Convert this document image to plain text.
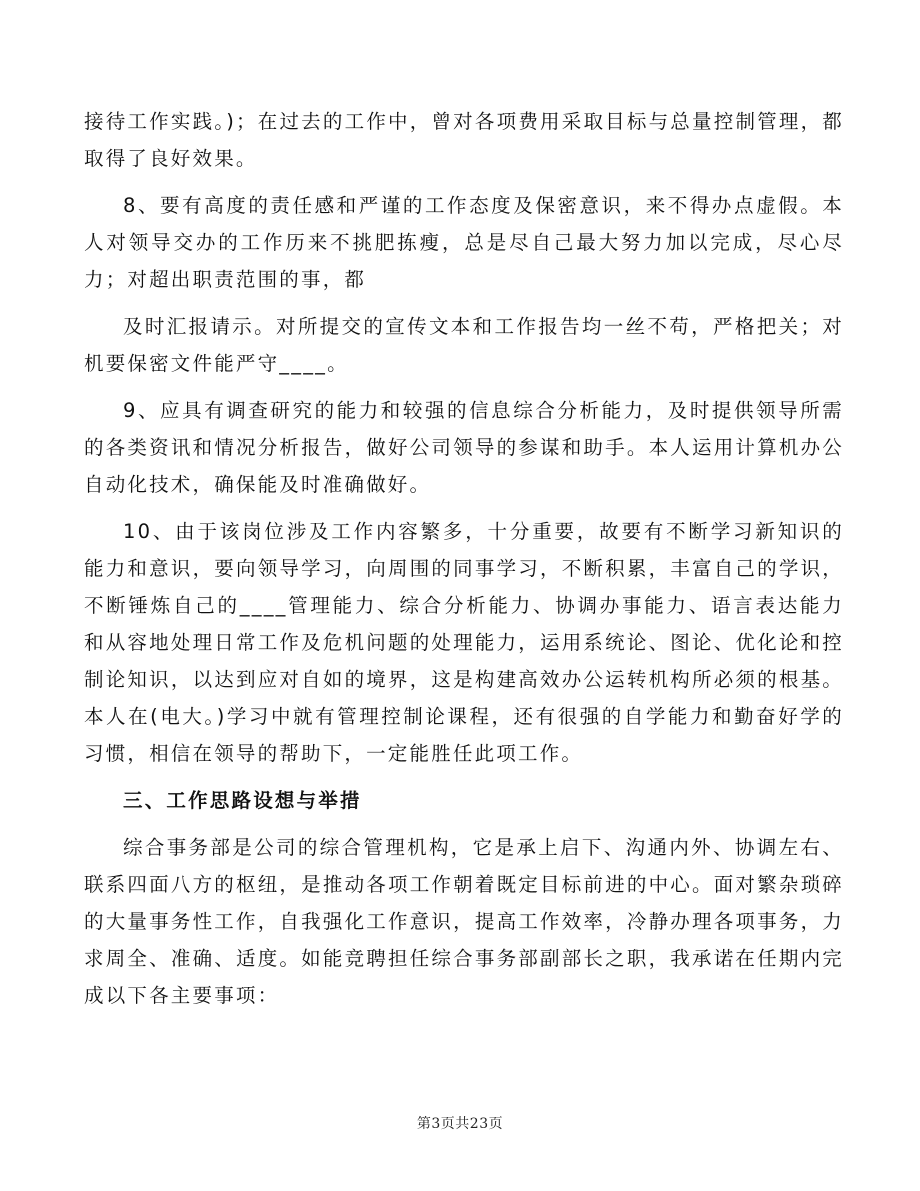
接待工作实践。)；在过去的工作中，曾对各项费用采取目标与总量控制管理，都取得了良好效果。

8、要有高度的责任感和严谨的工作态度及保密意识，来不得办点虚假。本人对领导交办的工作历来不挑肥拣瘦，总是尽自己最大努力加以完成，尽心尽力；对超出职责范围的事，都

及时汇报请示。对所提交的宣传文本和工作报告均一丝不苟，严格把关；对机要保密文件能严守____。

9、应具有调查研究的能力和较强的信息综合分析能力，及时提供领导所需的各类资讯和情况分析报告，做好公司领导的参谋和助手。本人运用计算机办公自动化技术，确保能及时准确做好。

10、由于该岗位涉及工作内容繁多，十分重要，故要有不断学习新知识的能力和意识，要向领导学习，向周围的同事学习，不断积累，丰富自己的学识，不断锤炼自己的____管理能力、综合分析能力、协调办事能力、语言表达能力和从容地处理日常工作及危机问题的处理能力，运用系统论、图论、优化论和控制论知识，以达到应对自如的境界，这是构建高效办公运转机构所必须的根基。本人在(电大。)学习中就有管理控制论课程，还有很强的自学能力和勤奋好学的习惯，相信在领导的帮助下，一定能胜任此项工作。

三、工作思路设想与举措

综合事务部是公司的综合管理机构，它是承上启下、沟通内外、协调左右、联系四面八方的枢纽，是推动各项工作朝着既定目标前进的中心。面对繁杂琐碎的大量事务性工作，自我强化工作意识，提高工作效率，冷静办理各项事务，力求周全、准确、适度。如能竞聘担任综合事务部副部长之职，我承诺在任期内完成以下各主要事项：

第3页共23页
